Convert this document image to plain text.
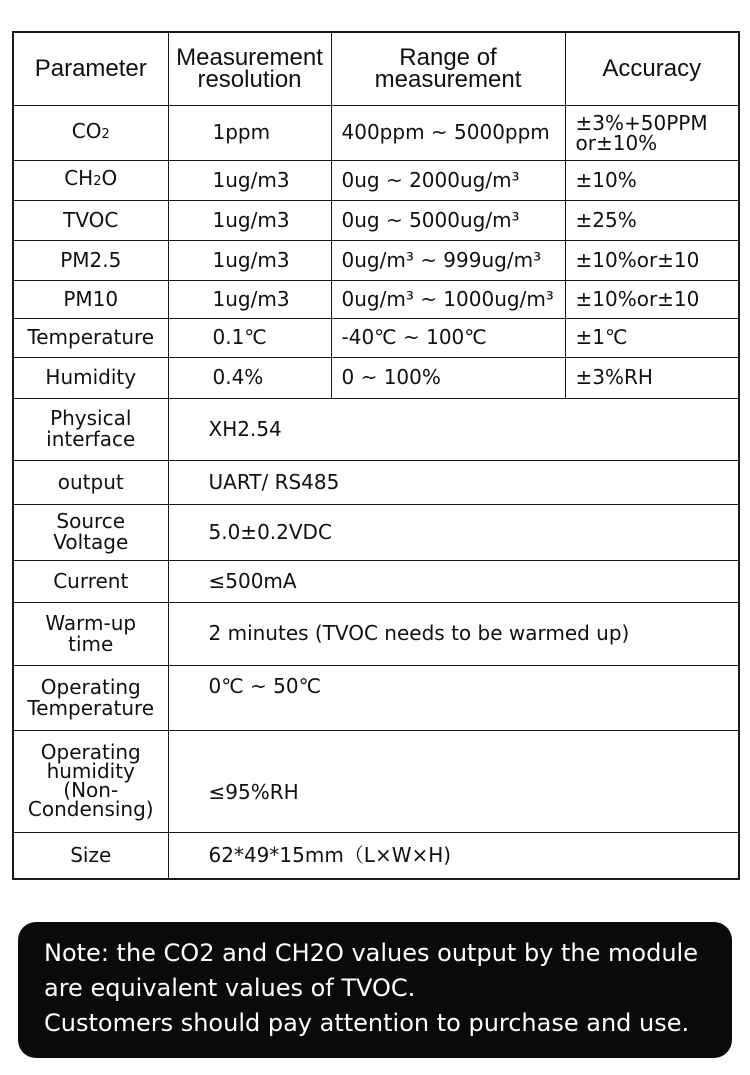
Parameter	Measurement resolution	Range of measurement	Accuracy
CO2	1ppm	400ppm ~ 5000ppm	±3%+50PPM or±10%
CH2O	1ug/m3	0ug ~ 2000ug/m³	±10%
TVOC	1ug/m3	0ug ~ 5000ug/m³	±25%
PM2.5	1ug/m3	0ug/m³ ~ 999ug/m³	±10%or±10
PM10	1ug/m3	0ug/m³ ~ 1000ug/m³	±10%or±10
Temperature	0.1℃	-40℃ ~ 100℃	±1℃
Humidity	0.4%	0 ~ 100%	±3%RH
Physical interface	XH2.54		
output	UART/ RS485		
Source Voltage	5.0±0.2VDC		
Current	≤500mA		
Warm-up time	2 minutes (TVOC needs to be warmed up)		
Operating Temperature	0℃ ~ 50℃		
Operating humidity (Non-Condensing)	≤95%RH		
Size	62*49*15mm（L×W×H)		
Note: the CO2 and CH2O values output by the module
are equivalent values of TVOC.
Customers should pay attention to purchase and use.
